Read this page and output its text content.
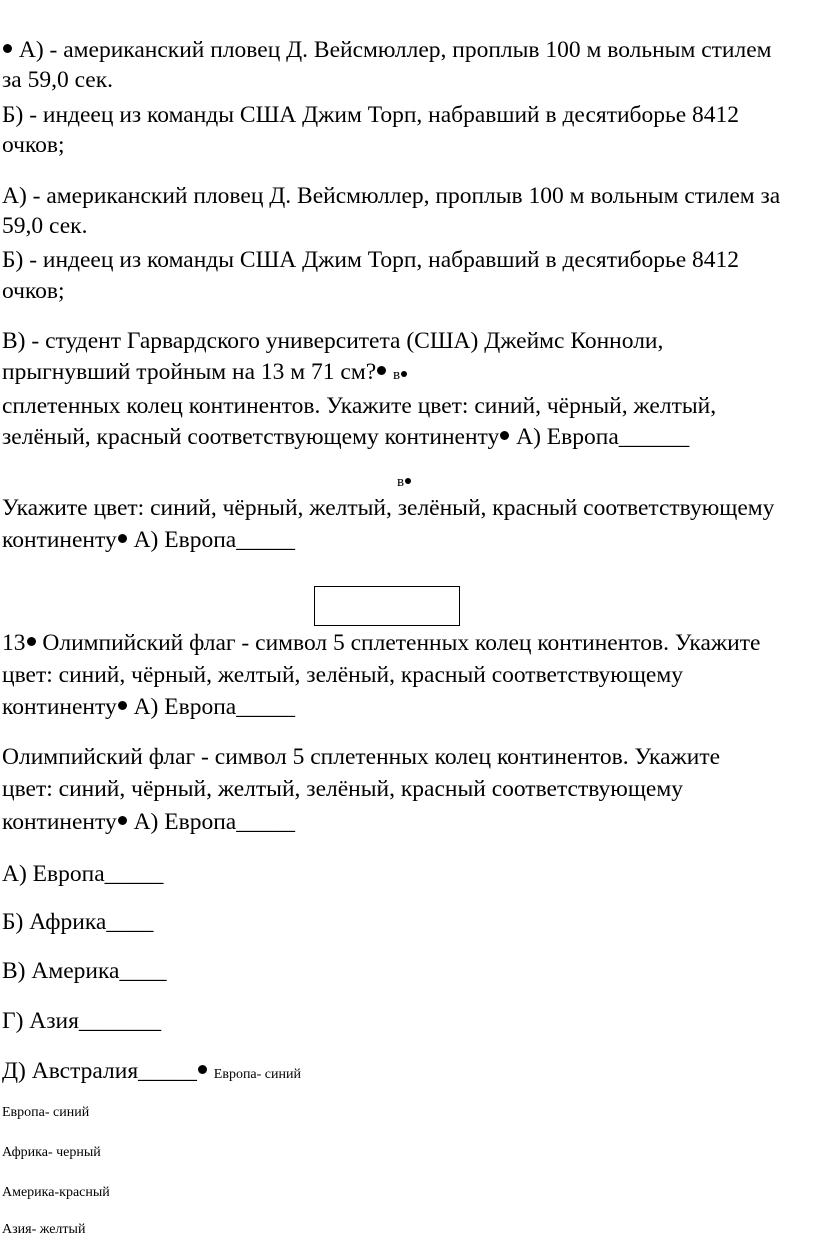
А) - американский пловец Д. Вейсмюллер, проплыв 100 м вольным стилем
за 59,0 сек.
Б) - индеец из команды США Джим Торп, набравший в десятиборье 8412
очков;
А) - американский пловец Д. Вейсмюллер, проплыв 100 м вольным стилем за
59,0 сек.
Б) - индеец из команды США Джим Торп, набравший в десятиборье 8412
очков;
В) - студент Гарвардского университета (США) Джеймс Конноли,
прыгнувший тройным на 13 м 71 см? в
сплетенных колец континентов. Укажите цвет: синий, чёрный, желтый,
зелёный, красный соответствующему континенту А) Европа______
в
Укажите цвет: синий, чёрный, желтый, зелёный, красный соответствующему
континенту А) Европа_____
13 Олимпийский флаг - символ 5 сплетенных колец континентов. Укажите
цвет: синий, чёрный, желтый, зелёный, красный соответствующему
континенту А) Европа_____
Олимпийский флаг - символ 5 сплетенных колец континентов. Укажите
цвет: синий, чёрный, желтый, зелёный, красный соответствующему
континенту А) Европа_____
А) Европа_____
Б) Африка____
В) Америка____
Г) Азия_______
Д) Австралия_____ Европа- синий
Европа- синий
Африка- черный
Америка-красный
Азия- желтый
